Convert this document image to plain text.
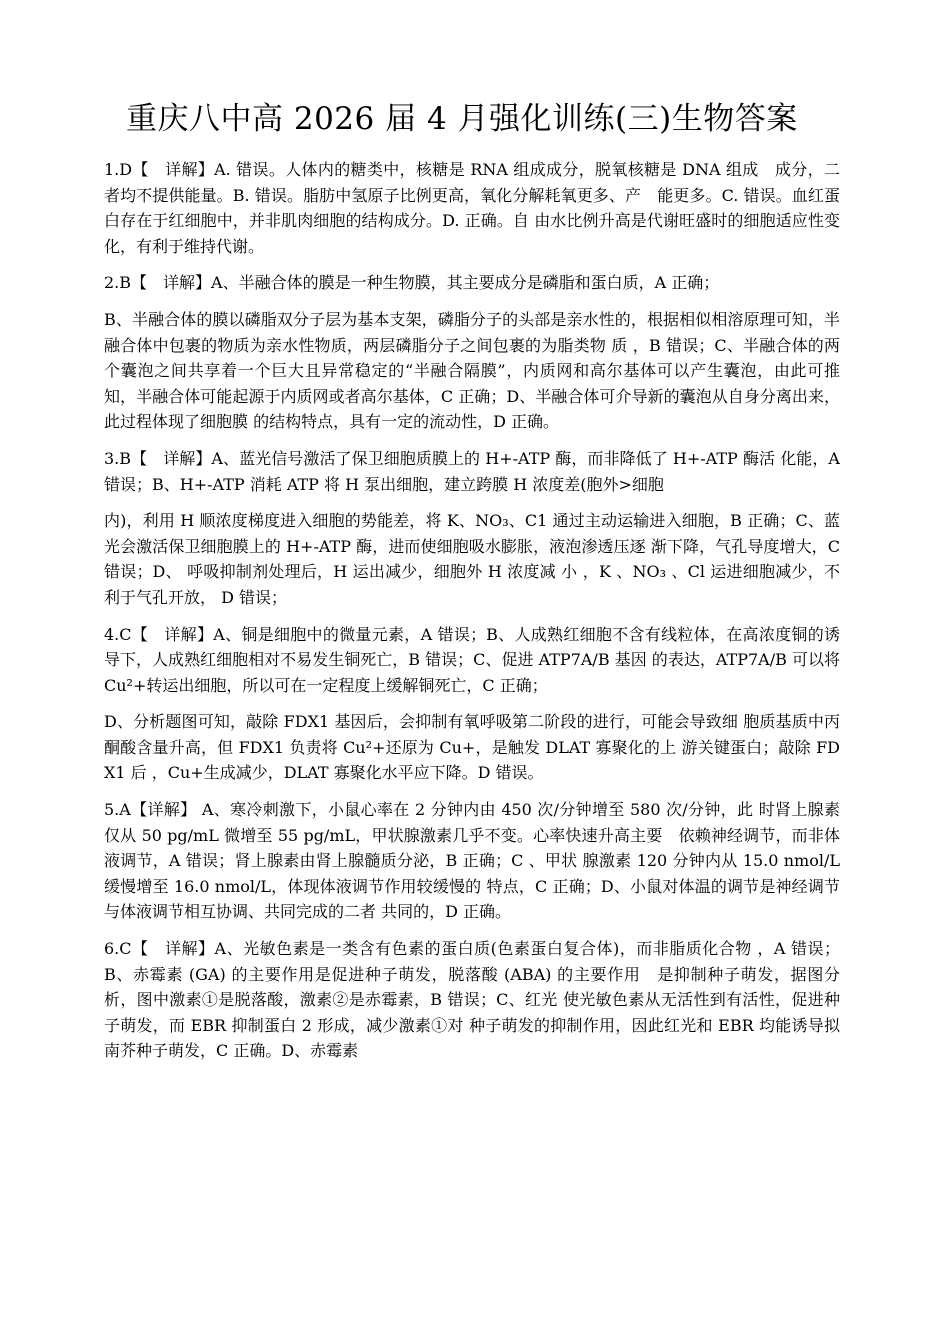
重庆八中高 2026 届 4 月强化训练(三)生物答案

1.D【　详解】A. 错误。人体内的糖类中，核糖是 RNA 组成成分，脱氧核糖是 DNA 组成　成分，二者均不提供能量。B. 错误。脂肪中氢原子比例更高，氧化分解耗氧更多、产　能更多。C. 错误。血红蛋白存在于红细胞中，并非肌肉细胞的结构成分。D. 正确。自 由水比例升高是代谢旺盛时的细胞适应性变化，有利于维持代谢。

2.B【　详解】A、半融合体的膜是一种生物膜，其主要成分是磷脂和蛋白质，A 正确；

B、半融合体的膜以磷脂双分子层为基本支架，磷脂分子的头部是亲水性的，根据相似相溶原理可知，半融合体中包裹的物质为亲水性物质，两层磷脂分子之间包裹的为脂类物 质 ，B 错误；C、半融合体的两个囊泡之间共享着一个巨大且异常稳定的“半融合隔膜”，内质网和高尔基体可以产生囊泡，由此可推知，半融合体可能起源于内质网或者高尔基体，C 正确；D、半融合体可介导新的囊泡从自身分离出来，此过程体现了细胞膜 的结构特点，具有一定的流动性，D 正确。

3.B【　详解】A、蓝光信号激活了保卫细胞质膜上的 H+-ATP 酶，而非降低了 H+-ATP 酶活 化能，A 错误；B、H+-ATP 消耗 ATP 将 H 泵出细胞，建立跨膜 H 浓度差(胞外>细胞

内)，利用 H 顺浓度梯度进入细胞的势能差，将 K、NO₃、C1 通过主动运输进入细胞，B 正确；C、蓝光会激活保卫细胞膜上的 H+-ATP 酶，进而使细胞吸水膨胀，液泡渗透压逐 渐下降，气孔导度增大，C 错误；D、 呼吸抑制剂处理后，H 运出减少，细胞外 H 浓度减 小 ，K 、NO₃ 、Cl 运进细胞减少，不利于气孔开放， D 错误；

4.C【　详解】A、铜是细胞中的微量元素，A 错误；B、人成熟红细胞不含有线粒体，在高浓度铜的诱导下，人成熟红细胞相对不易发生铜死亡，B 错误；C、促进 ATP7A/B 基因 的表达，ATP7A/B 可以将 Cu²+转运出细胞，所以可在一定程度上缓解铜死亡，C 正确；

D、分析题图可知，敲除 FDX1 基因后，会抑制有氧呼吸第二阶段的进行，可能会导致细 胞质基质中丙酮酸含量升高，但 FDX1 负责将 Cu²+还原为 Cu+，是触发 DLAT 寡聚化的上 游关键蛋白；敲除 FDX1 后 ，Cu+生成减少，DLAT 寡聚化水平应下降。D 错误。

5.A【详解】 A、寒冷刺激下，小鼠心率在 2 分钟内由 450 次/分钟增至 580 次/分钟，此 时肾上腺素仅从 50 pg/mL 微增至 55 pg/mL，甲状腺激素几乎不变。心率快速升高主要　依赖神经调节，而非体液调节，A 错误；肾上腺素由肾上腺髓质分泌，B 正确；C 、甲状 腺激素 120 分钟内从 15.0 nmol/L 缓慢增至 16.0 nmol/L，体现体液调节作用较缓慢的 特点，C 正确；D、小鼠对体温的调节是神经调节与体液调节相互协调、共同完成的二者 共同的，D 正确。

6.C【　详解】A、光敏色素是一类含有色素的蛋白质(色素蛋白复合体)，而非脂质化合物 ，A 错误；B、赤霉素 (GA) 的主要作用是促进种子萌发，脱落酸 (ABA) 的主要作用　是抑制种子萌发，据图分析，图中激素①是脱落酸，激素②是赤霉素，B 错误；C、红光 使光敏色素从无活性到有活性，促进种子萌发，而 EBR 抑制蛋白 2 形成，减少激素①对 种子萌发的抑制作用，因此红光和 EBR 均能诱导拟南芥种子萌发，C 正确。D、赤霉素
